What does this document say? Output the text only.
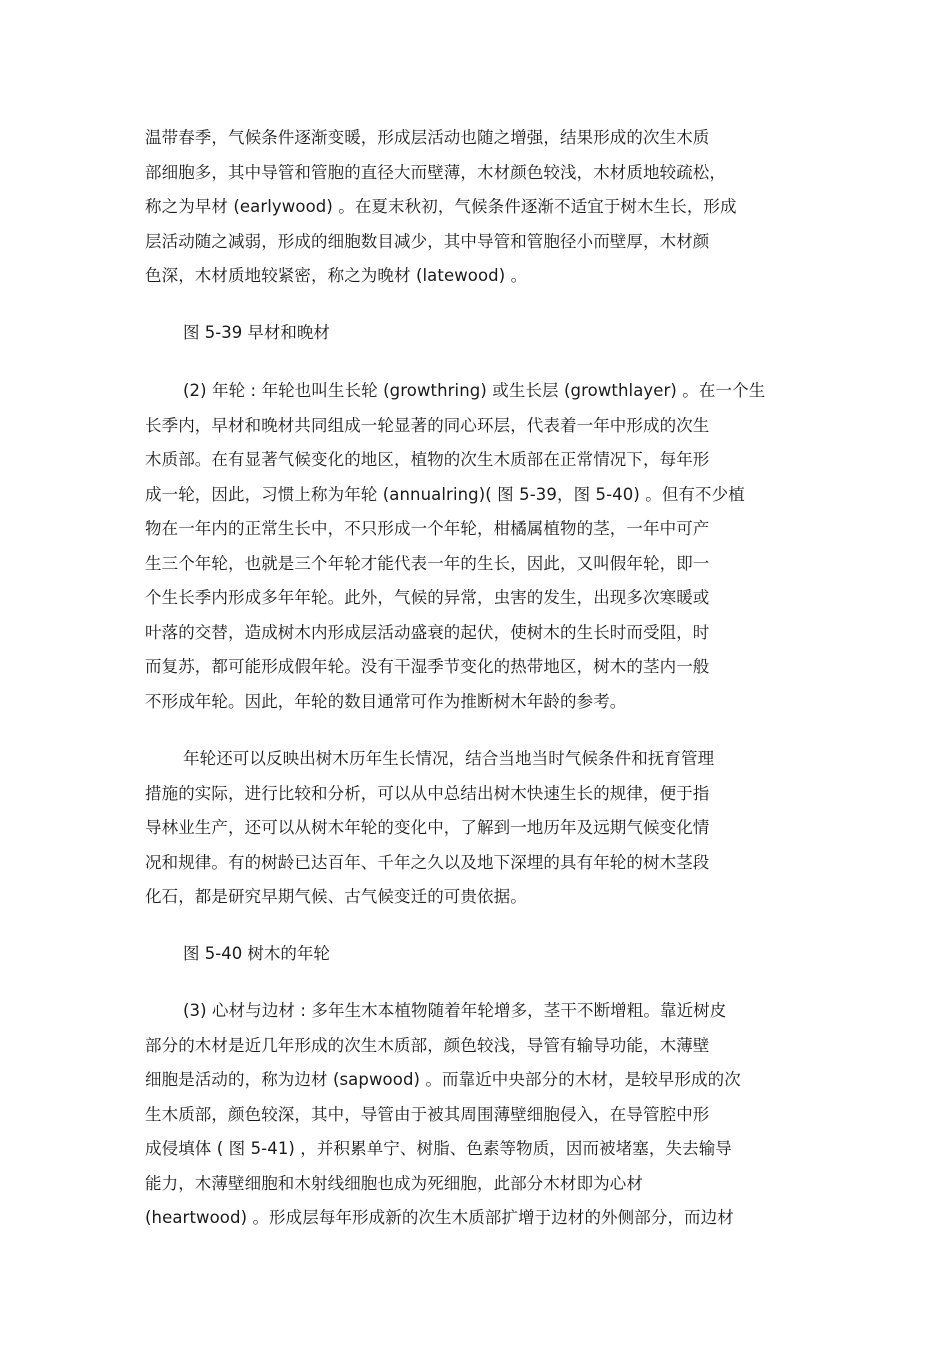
温带春季，气候条件逐渐变暖，形成层活动也随之增强，结果形成的次生木质
部细胞多，其中导管和管胞的直径大而壁薄，木材颜色较浅，木材质地较疏松，
称之为早材 (earlywood) 。在夏末秋初，气候条件逐渐不适宜于树木生长，形成
层活动随之减弱，形成的细胞数目减少，其中导管和管胞径小而壁厚，木材颜
色深，木材质地较紧密，称之为晚材 (latewood) 。
图 5-39 早材和晚材
(2) 年轮 : 年轮也叫生长轮 (growthring) 或生长层 (growthlayer) 。在一个生
长季内，早材和晚材共同组成一轮显著的同心环层，代表着一年中形成的次生
木质部。在有显著气候变化的地区，植物的次生木质部在正常情况下，每年形
成一轮，因此，习惯上称为年轮 (annualring)( 图 5-39，图 5-40) 。但有不少植
物在一年内的正常生长中，不只形成一个年轮，柑橘属植物的茎，一年中可产
生三个年轮，也就是三个年轮才能代表一年的生长，因此，又叫假年轮，即一
个生长季内形成多年年轮。此外，气候的异常，虫害的发生，出现多次寒暖或
叶落的交替，造成树木内形成层活动盛衰的起伏，使树木的生长时而受阻，时
而复苏，都可能形成假年轮。没有干湿季节变化的热带地区，树木的茎内一般
不形成年轮。因此，年轮的数目通常可作为推断树木年龄的参考。
年轮还可以反映出树木历年生长情况，结合当地当时气候条件和抚育管理
措施的实际，进行比较和分析，可以从中总结出树木快速生长的规律，便于指
导林业生产，还可以从树木年轮的变化中，了解到一地历年及远期气候变化情
况和规律。有的树龄已达百年、千年之久以及地下深埋的具有年轮的树木茎段
化石，都是研究早期气候、古气候变迁的可贵依据。
图 5-40 树木的年轮
(3) 心材与边材 : 多年生木本植物随着年轮增多，茎干不断增粗。靠近树皮
部分的木材是近几年形成的次生木质部，颜色较浅，导管有输导功能，木薄壁
细胞是活动的，称为边材 (sapwood) 。而靠近中央部分的木材，是较早形成的次
生木质部，颜色较深，其中，导管由于被其周围薄壁细胞侵入，在导管腔中形
成侵填体 ( 图 5-41) ，并积累单宁、树脂、色素等物质，因而被堵塞，失去输导
能力，木薄壁细胞和木射线细胞也成为死细胞，此部分木材即为心材
(heartwood) 。形成层每年形成新的次生木质部扩增于边材的外侧部分，而边材
